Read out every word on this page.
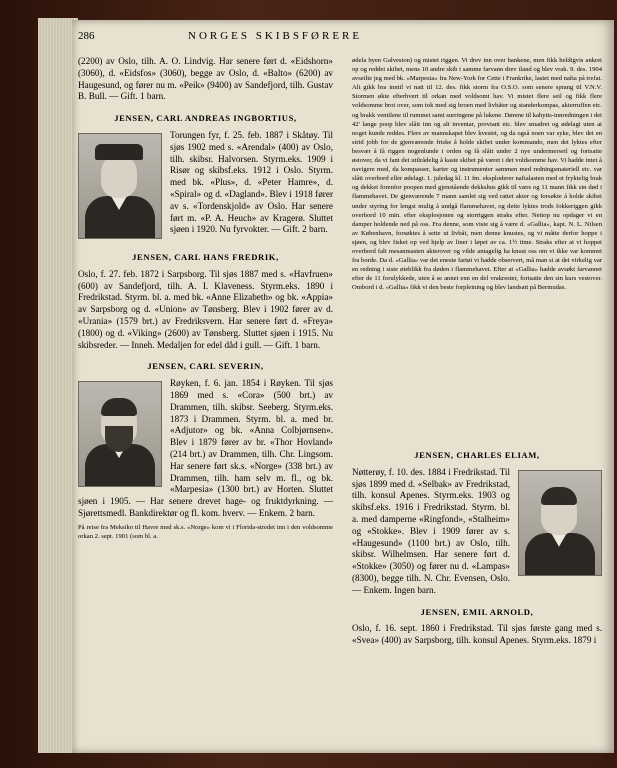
286	NORGES SKIBSFØRERE

(2200) av Oslo, tilh. A. O. Lindvig. Har senere ført d. «Eidshorn» (3060), d. «Eidsfos» (3060), begge av Oslo, d. «Balto» (6200) av Haugesund, og fører nu m. «Peik» (9400) av Sandefjord, tilh. Gustav B. Bull. — Gift. 1 barn.

JENSEN, CARL ANDREAS INGBORTIUS,

Torungen fyr, f. 25. feb. 1887 i Skåtøy. Til sjøs 1902 med s. «Arendal» (400) av Oslo, tilh. skibsr. Halvorsen. Styrm.eks. 1909 i Risør og skibsf.eks. 1912 i Oslo. Styrm. med bk. «Plus», d. «Peter Hamre», d. «Spiral» og d. «Dagland». Blev i 1918 fører av s. «Tordenskjold» av Oslo. Har senere ført m. «P. A. Heuch» av Kragerø. Sluttet sjøen i 1920. Nu fyrvokter. — Gift. 2 barn.

JENSEN, CARL HANS FREDRIK,

Oslo, f. 27. feb. 1872 i Sarpsborg. Til sjøs 1887 med s. «Havfruen» (600) av Sandefjord, tilh. A. I. Klaveness. Styrm.eks. 1890 i Fredrikstad. Styrm. bl. a. med bk. «Anne Elizabeth» og bk. «Appia» av Sarpsborg og d. «Union» av Tønsberg. Blev i 1902 fører av d. «Urania» (1579 brt.) av Fredriksvern. Har senere ført d. «Freya» (1800) og d. «Viking» (2600) av Tønsberg. Sluttet sjøen i 1915. Nu skibsreder. — Inneh. Medaljen for edel dåd i gull. — Gift. 1 barn.

JENSEN, CARL SEVERIN,

Røyken, f. 6. jan. 1854 i Røyken. Til sjøs 1869 med s. «Cora» (500 brt.) av Drammen, tilh. skibsr. Seeberg. Styrm.eks. 1873 i Drammen. Styrm. bl. a. med br. «Adjutor» og bk. «Anna Colbjørnsen». Blev i 1879 fører av br. «Thor Hovland» (214 brt.) av Drammen, tilh. Chr. Lingsom. Har senere ført sk.s. «Norge» (338 brt.) av Drammen, tilh. ham selv m. fl., og bk. «Marpesia» (1300 brt.) av Horten. Sluttet sjøen i 1905. — Har senere drevet hage- og fruktdyrkning. — Sjørettsmedl. Bankdirektør og fl. kom. hverv. — Enkem. 2 barn.

På reise fra Meksiko til Havre med sk.s. «Norge» kom vi i Florida-stredet inn i den voldsomme orkan 2. sept. 1901 (som bl. a.

ødela byen Galveston) og mistet riggen. Vi drev inn over bankene, men fikk heldigvis ankret op og reddet skibet, mens 10 andre skib i samme farvann drev iland og blev vrak. 9. des. 1904 avseilte jeg med bk. «Marpesia» fra New-York for Cette i Frankrike, lastet med nafta på trefat. Alt gikk bra inntil vi natt til 12. des. fikk storm fra O.S.O. som senere sprang til V.N.V. Stormen økte efterhvert til orkan med voldsomt hav. Vi mistet flere seil og fikk flere voldsomme brot over, som tok med sig broen med livbåter og standerkompas, akterruffen etc. og brakk ventilene til rummet samt surringene på lukene. Dørene til kahytts-innredningen i det 42' lange poop blev slått inn og alt inventar, proviant etc. blev smadret og ødelagt uten at noget kunde reddes. Flere av mannskapet blev kvestet, og da også noen var syke, blev det en strid jobb for de gjenværende friske å holde skibet under kommando, men det lyktes efter besvær å få riggen nogenlunde i orden og få slått under 2 nye undermerseil og fortsatte østover, da vi fant det utilrådelig å kaste skibet på været i det voldsomme hav. Vi hadde intet å navigere med, da kompasser, karter og instrumenter sammen med redningsmateriell etc. var slått overbord eller ødelagt. 1. juledag kl. 11 fm. eksploderer naftalasten med et fryktelig brak og dekket forenfor poopen med gjenstående dekkshus gikk til værs og 11 mann fikk sin død i flammehavet. De gjenværende 7 mann samlet sig ved rattet akter og forsøkte å holde skibet under styring for lengst mulig å undgå flammehavet, og dette lyktes trods fokkeriggen gikk overbord 10 min. efter eksplosjonen og storriggen straks efter. Nettop nu opdager vi en damper holdende ned på oss. Fra denne, som viste sig å være d. «Gallia», kapt. N. L. Nilsen av København, forsøktes å sette ut livbåt, men denne knustes, og vi måtte derfor hoppe i sjøen, og blev fisket op ved hjelp av liner i løpet av ca. 1½ time. Straks efter at vi hoppet overbord falt mesanmasten akterover og vilde antagelig ha knust oss om vi ikke var kommet fra borde. Da d. «Gallia» var det eneste fartøi vi hadde observert, må man si at det virkelig var en redning i siste øieblikk fra døden i flammehavet. Efter at «Gallia» hadde avsøkt farvannet efter de 11 forulykkede, uten å se annet enn en del vrakrester, fortsatte den sin kurs vestover. Ombord i d. «Gallia» fikk vi den beste forpleining og blev landsatt på Bermudas.

JENSEN, CHARLES ELIAM,

Nøtterøy, f. 10. des. 1884 i Fredrikstad. Til sjøs 1899 med d. «Selbak» av Fredrikstad, tilh. konsul Apenes. Styrm.eks. 1903 og skibsf.eks. 1916 i Fredrikstad. Styrm. bl. a. med damperne «Ringfond», «Stalheim» og «Stokke». Blev i 1909 fører av s. «Haugesund» (1100 brt.) av Oslo, tilh. skibsr. Wilhelmsen. Har senere ført d. «Stokke» (3050) og fører nu d. «Lampas» (8300), begge tilh. N. Chr. Evensen, Oslo. — Enkem. Ingen barn.

JENSEN, EMIL ARNOLD,

Oslo, f. 16. sept. 1860 i Fredrikstad. Til sjøs første gang med s. «Svea» (400) av Sarpsborg, tilh. konsul Apenes. Styrm.eks. 1879 i
